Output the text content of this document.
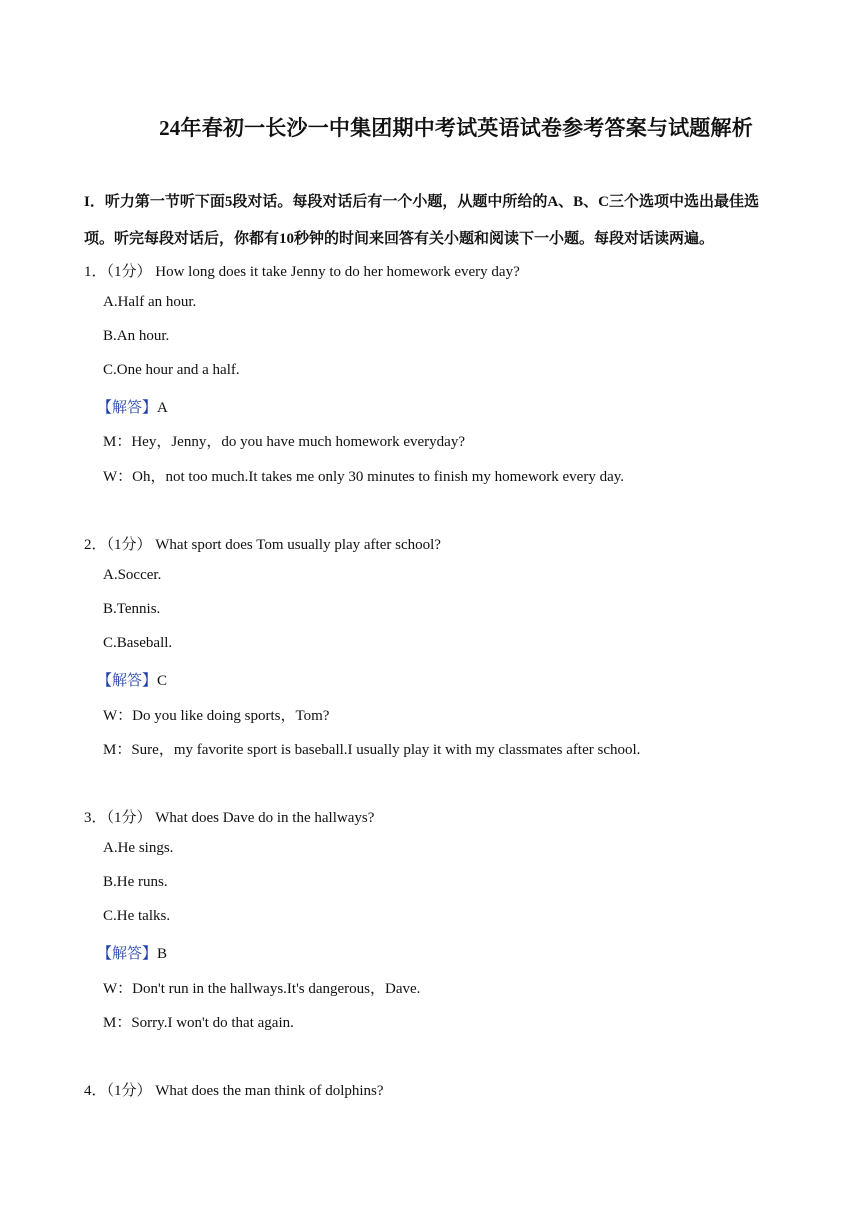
24年春初一长沙一中集团期中考试英语试卷参考答案与试题解析
I．听力第一节听下面5段对话。每段对话后有一个小题，从题中所给的A、B、C三个选项中选出最佳选
项。听完每段对话后，你都有10秒钟的时间来回答有关小题和阅读下一小题。每段对话读两遍。
1．（1分） How long does it take Jenny to do her homework every day?
A.Half an hour.
B.An hour.
C.One hour and a half.
【解答】A
M：Hey，Jenny，do you have much homework everyday?
W：Oh，not too much.It takes me only 30 minutes to finish my homework every day.
2．（1分） What sport does Tom usually play after school?
A.Soccer.
B.Tennis.
C.Baseball.
【解答】C
W：Do you like doing sports，Tom?
M：Sure，my favorite sport is baseball.I usually play it with my classmates after school.
3．（1分） What does Dave do in the hallways?
A.He sings.
B.He runs.
C.He talks.
【解答】B
W：Don't run in the hallways.It's dangerous，Dave.
M：Sorry.I won't do that again.
4．（1分） What does the man think of dolphins?
